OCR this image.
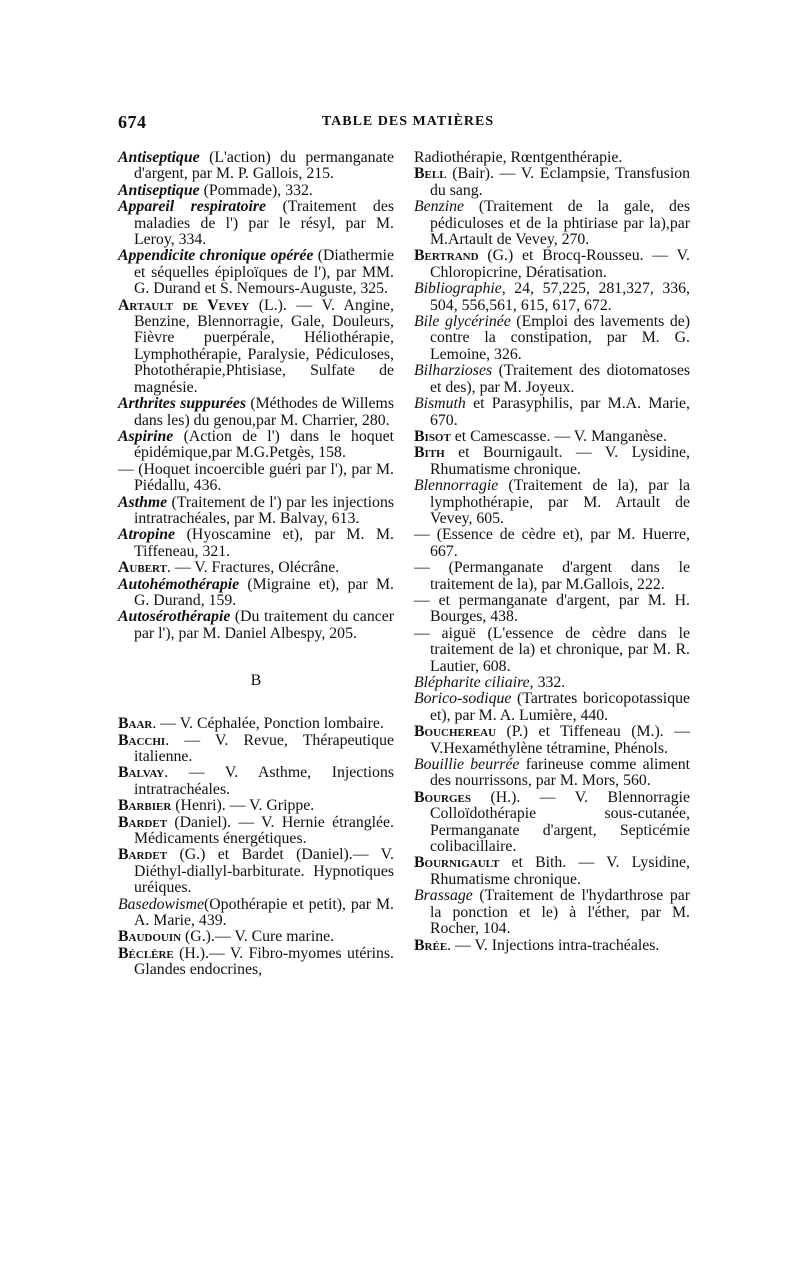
674	TABLE DES MATIÈRES

Antiseptique (L'action) du permanganate d'argent, par M. P. Gallois, 215.

Antiseptique (Pommade), 332.

Appareil respiratoire (Traitement des maladies de l') par le résyl, par M. Leroy, 334.

Appendicite chronique opérée (Diathermie et séquelles épiploïques de l'), par MM. G. Durand et S. Nemours-Auguste, 325.

Artault de Vevey (L.). — V. Angine, Benzine, Blennorragie, Gale, Douleurs, Fièvre puerpérale, Héliothérapie, Lymphothérapie, Paralysie, Pédiculoses, Photothérapie,Phtisiase, Sulfate de magnésie.

Arthrites suppurées (Méthodes de Willems dans les) du genou,par M. Charrier, 280.

Aspirine (Action de l') dans le hoquet épidémique,par M.G.Petgès, 158.

— (Hoquet incoercible guéri par l'), par M. Piédallu, 436.

Asthme (Traitement de l') par les injections intratrachéales, par M. Balvay, 613.

Atropine (Hyoscamine et), par M. M. Tiffeneau, 321.

Aubert. — V. Fractures, Olécrâne.

Autohémothérapie (Migraine et), par M. G. Durand, 159.

Autosérothérapie (Du traitement du cancer par l'), par M. Daniel Albespy, 205.

B

Baar. — V. Céphalée, Ponction lombaire.

Bacchi. — V. Revue, Thérapeutique italienne.

Balvay. — V. Asthme, Injections intratrachéales.

Barbier (Henri). — V. Grippe.

Bardet (Daniel). — V. Hernie étranglée. Médicaments énergétiques.

Bardet (G.) et Bardet (Daniel).— V. Diéthyl-diallyl-barbiturate. Hypnotiques uréiques.

Basedowisme(Opothérapie et petit), par M. A. Marie, 439.

Baudouin (G.).— V. Cure marine.

Béclère (H.).— V. Fibro-myomes utérins. Glandes endocrines,

Radiothérapie, Rœntgenthérapie.

Bell (Bair). — V. Eclampsie, Transfusion du sang.

Benzine (Traitement de la gale, des pédiculoses et de la phtiriase par la),par M.Artault de Vevey, 270.

Bertrand (G.) et Brocq-Rousseu. — V. Chloropicrine, Dératisation.

Bibliographie, 24, 57,225, 281,327, 336, 504, 556,561, 615, 617, 672.

Bile glycérinée (Emploi des lavements de) contre la constipation, par M. G. Lemoine, 326.

Bilharzioses (Traitement des diotomatoses et des), par M. Joyeux.

Bismuth et Parasyphilis, par M.A. Marie, 670.

Bisot et Camescasse. — V. Manganèse.

Bith et Bournigault. — V. Lysidine, Rhumatisme chronique.

Blennorragie (Traitement de la), par la lymphothérapie, par M. Artault de Vevey, 605.

— (Essence de cèdre et), par M. Huerre, 667.

— (Permanganate d'argent dans le traitement de la), par M.Gallois, 222.

— et permanganate d'argent, par M. H. Bourges, 438.

— aiguë (L'essence de cèdre dans le traitement de la) et chronique, par M. R. Lautier, 608.

Blépharite ciliaire, 332.

Borico-sodique (Tartrates boricopotassique et), par M. A. Lumière, 440.

Bouchereau (P.) et Tiffeneau (M.). — V.Hexaméthylène tétramine, Phénols.

Bouillie beurrée farineuse comme aliment des nourrissons, par M. Mors, 560.

Bourges (H.). — V. Blennorragie Colloïdothérapie sous-cutanée, Permanganate d'argent, Septicémie colibacillaire.

Bournigault et Bith. — V. Lysidine, Rhumatisme chronique.

Brassage (Traitement de l'hydarthrose par la ponction et le) à l'éther, par M. Rocher, 104.

Brée. — V. Injections intra-trachéales.
